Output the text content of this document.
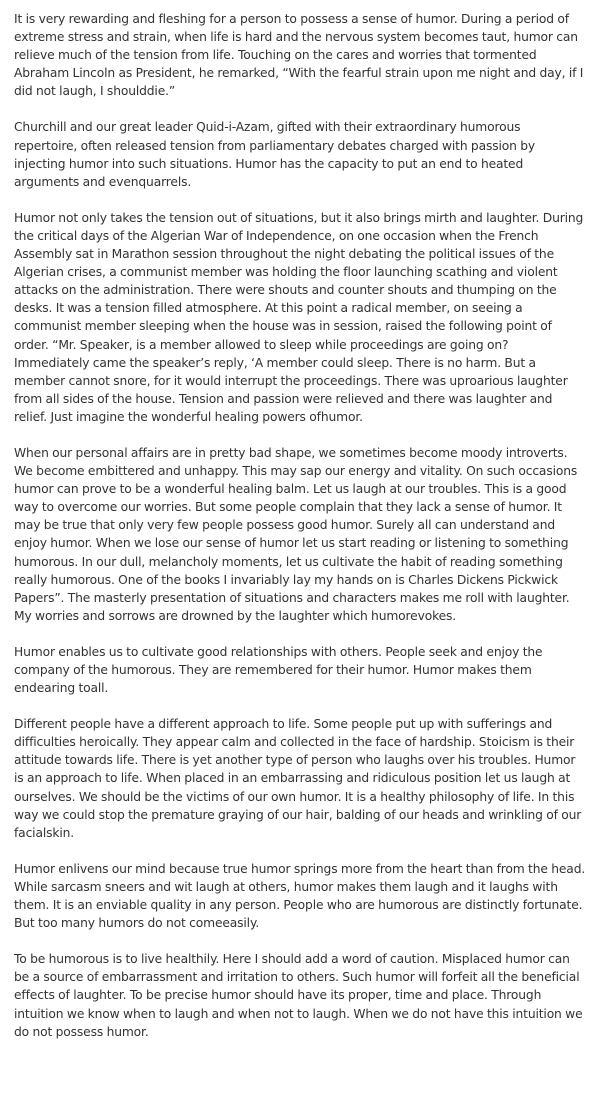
It is very rewarding and fleshing for a person to possess a sense of humor. During a period of extreme stress and strain, when life is hard and the nervous system becomes taut, humor can relieve much of the tension from life. Touching on the cares and worries that tormented Abraham Lincoln as President, he remarked, “With the fearful strain upon me night and day, if I did not laugh, I shoulddie.”

Churchill and our great leader Quid-i-Azam, gifted with their extraordinary humorous repertoire, often released tension from parliamentary debates charged with passion by injecting humor into such situations. Humor has the capacity to put an end to heated arguments and evenquarrels.

Humor not only takes the tension out of situations, but it also brings mirth and laughter. During the critical days of the Algerian War of Independence, on one occasion when the French Assembly sat in Marathon session throughout the night debating the political issues of the Algerian crises, a communist member was holding the floor launching scathing and violent attacks on the administration. There were shouts and counter shouts and thumping on the desks. It was a tension filled atmosphere. At this point a radical member, on seeing a communist member sleeping when the house was in session, raised the following point of order. “Mr. Speaker, is a member allowed to sleep while proceedings are going on? Immediately came the speaker’s reply, ‘A member could sleep. There is no harm. But a member cannot snore, for it would interrupt the proceedings. There was uproarious laughter from all sides of the house. Tension and passion were relieved and there was laughter and relief. Just imagine the wonderful healing powers ofhumor.

When our personal affairs are in pretty bad shape, we sometimes become moody introverts. We become embittered and unhappy. This may sap our energy and vitality. On such occasions humor can prove to be a wonderful healing balm. Let us laugh at our troubles. This is a good way to overcome our worries. But some people complain that they lack a sense of humor. It may be true that only very few people possess good humor. Surely all can understand and enjoy humor. When we lose our sense of humor let us start reading or listening to something humorous. In our dull, melancholy moments, let us cultivate the habit of reading something really humorous. One of the books I invariably lay my hands on is Charles Dickens Pickwick Papers”. The masterly presentation of situations and characters makes me roll with laughter. My worries and sorrows are drowned by the laughter which humorevokes.

Humor enables us to cultivate good relationships with others. People seek and enjoy the company of the humorous. They are remembered for their humor. Humor makes them endearing toall.

Different people have a different approach to life. Some people put up with sufferings and difficulties heroically. They appear calm and collected in the face of hardship. Stoicism is their attitude towards life. There is yet another type of person who laughs over his troubles. Humor is an approach to life. When placed in an embarrassing and ridiculous position let us laugh at ourselves. We should be the victims of our own humor. It is a healthy philosophy of life. In this way we could stop the premature graying of our hair, balding of our heads and wrinkling of our facialskin.

Humor enlivens our mind because true humor springs more from the heart than from the head. While sarcasm sneers and wit laugh at others, humor makes them laugh and it laughs with them. It is an enviable quality in any person. People who are humorous are distinctly fortunate. But too many humors do not comeeasily.

To be humorous is to live healthily. Here I should add a word of caution. Misplaced humor can be a source of embarrassment and irritation to others. Such humor will forfeit all the beneficial effects of laughter. To be precise humor should have its proper, time and place. Through intuition we know when to laugh and when not to laugh. When we do not have this intuition we do not possess humor.
